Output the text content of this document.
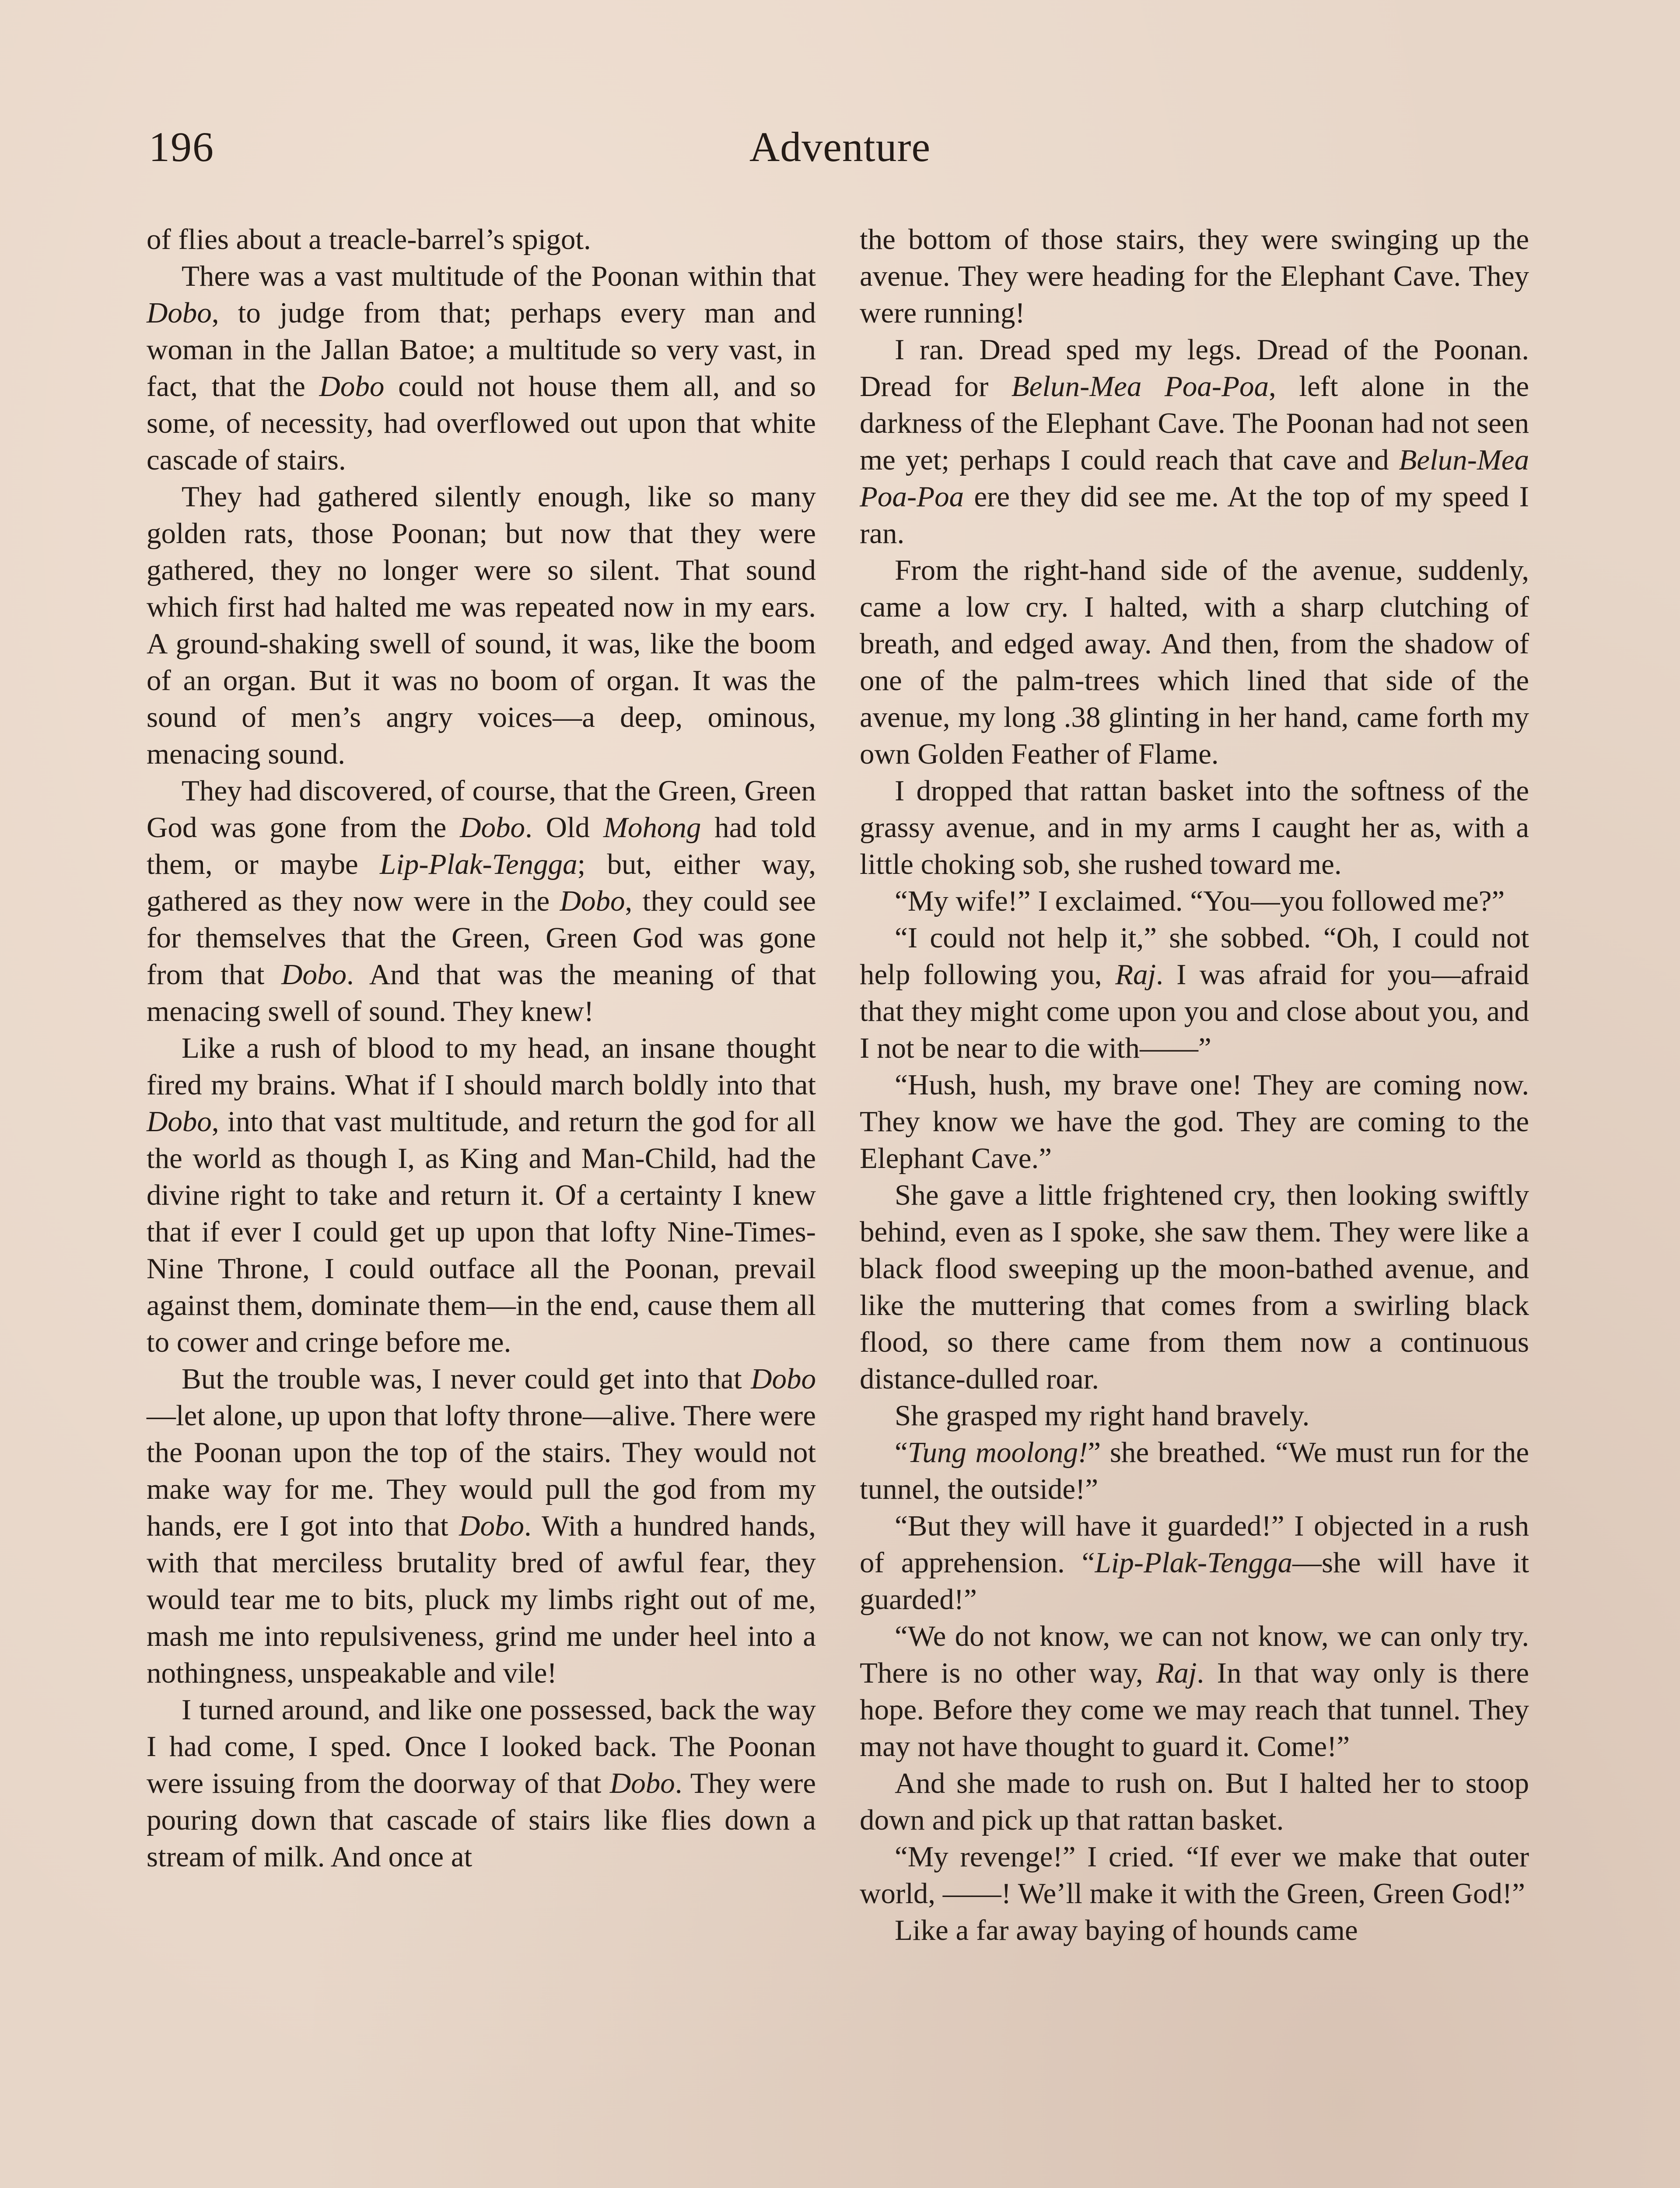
196	Adventure

of flies about a treacle-barrel’s spigot.

There was a vast multitude of the Poonan within that Dobo, to judge from that; perhaps every man and woman in the Jallan Batoe; a multitude so very vast, in fact, that the Dobo could not house them all, and so some, of necessity, had overflowed out upon that white cascade of stairs.

They had gathered silently enough, like so many golden rats, those Poonan; but now that they were gathered, they no longer were so silent. That sound which first had halted me was repeated now in my ears. A ground-shaking swell of sound, it was, like the boom of an organ. But it was no boom of organ. It was the sound of men’s angry voices—a deep, ominous, menacing sound.

They had discovered, of course, that the Green, Green God was gone from the Dobo. Old Mohong had told them, or maybe Lip-Plak-Tengga; but, either way, gathered as they now were in the Dobo, they could see for themselves that the Green, Green God was gone from that Dobo. And that was the meaning of that menacing swell of sound. They knew!

Like a rush of blood to my head, an insane thought fired my brains. What if I should march boldly into that Dobo, into that vast multitude, and return the god for all the world as though I, as King and Man-Child, had the divine right to take and return it. Of a certainty I knew that if ever I could get up upon that lofty Nine-Times-Nine Throne, I could outface all the Poonan, prevail against them, dominate them—in the end, cause them all to cower and cringe before me.

But the trouble was, I never could get into that Dobo—let alone, up upon that lofty throne—alive. There were the Poonan upon the top of the stairs. They would not make way for me. They would pull the god from my hands, ere I got into that Dobo. With a hundred hands, with that merciless brutality bred of awful fear, they would tear me to bits, pluck my limbs right out of me, mash me into repulsiveness, grind me under heel into a nothingness, unspeakable and vile!

I turned around, and like one possessed, back the way I had come, I sped. Once I looked back. The Poonan were issuing from the doorway of that Dobo. They were pouring down that cascade of stairs like flies down a stream of milk. And once at

the bottom of those stairs, they were swinging up the avenue. They were heading for the Elephant Cave. They were running!

I ran. Dread sped my legs. Dread of the Poonan. Dread for Belun-Mea Poa-Poa, left alone in the darkness of the Elephant Cave. The Poonan had not seen me yet; perhaps I could reach that cave and Belun-Mea Poa-Poa ere they did see me. At the top of my speed I ran.

From the right-hand side of the avenue, suddenly, came a low cry. I halted, with a sharp clutching of breath, and edged away. And then, from the shadow of one of the palm-trees which lined that side of the avenue, my long .38 glinting in her hand, came forth my own Golden Feather of Flame.

I dropped that rattan basket into the softness of the grassy avenue, and in my arms I caught her as, with a little choking sob, she rushed toward me.

“My wife!” I exclaimed. “You—you followed me?”

“I could not help it,” she sobbed. “Oh, I could not help following you, Raj. I was afraid for you—afraid that they might come upon you and close about you, and I not be near to die with——”

“Hush, hush, my brave one! They are coming now. They know we have the god. They are coming to the Elephant Cave.”

She gave a little frightened cry, then looking swiftly behind, even as I spoke, she saw them. They were like a black flood sweeping up the moon-bathed avenue, and like the muttering that comes from a swirling black flood, so there came from them now a continuous distance-dulled roar.

She grasped my right hand bravely.

“Tung moolong!” she breathed. “We must run for the tunnel, the outside!”

“But they will have it guarded!” I objected in a rush of apprehension. “Lip-Plak-Tengga—she will have it guarded!”

“We do not know, we can not know, we can only try. There is no other way, Raj. In that way only is there hope. Before they come we may reach that tunnel. They may not have thought to guard it. Come!”

And she made to rush on. But I halted her to stoop down and pick up that rattan basket.

“My revenge!” I cried. “If ever we make that outer world, ——! We’ll make it with the Green, Green God!”

Like a far away baying of hounds came
